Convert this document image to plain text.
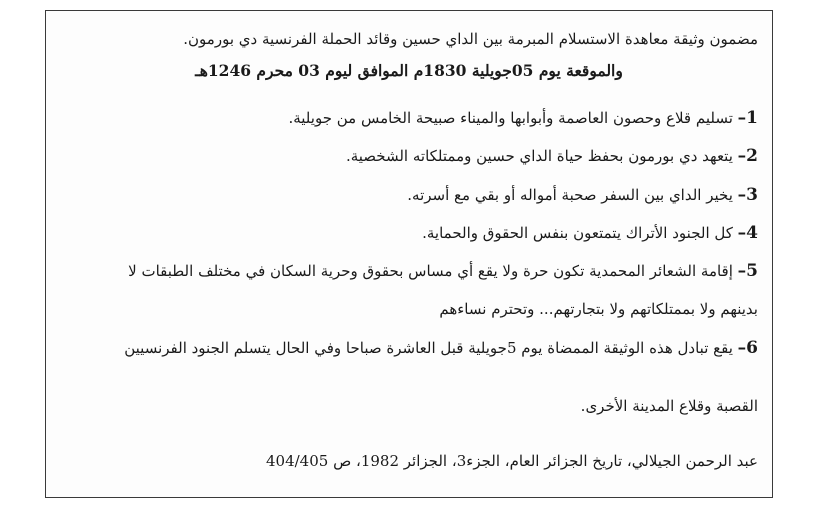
مضمون وثيقة معاهدة الاستسلام المبرمة بين الداي حسين وقائد الحملة الفرنسية دي بورمون.
والموقعة يوم 05جويلية 1830م الموافق ليوم 03 محرم 1246هـ
1– تسليم قلاع وحصون العاصمة وأبوابها والميناء صبيحة الخامس من جويلية.
2– يتعهد دي بورمون بحفظ حياة الداي حسين وممتلكاته الشخصية.
3– يخير الداي بين السفر صحبة أمواله أو بقي مع أسرته.
4– كل الجنود الأتراك يتمتعون بنفس الحقوق والحماية.
5– إقامة الشعائر المحمدية تكون حرة ولا يقع أي مساس بحقوق وحرية السكان في مختلف الطبقات لا
بدينهم ولا بممتلكاتهم ولا بتجارتهم... وتحترم نساءهم
6– يقع تبادل هذه الوثيقة الممضاة يوم 5جويلية قبل العاشرة صباحا وفي الحال يتسلم الجنود الفرنسيين
القصبة وقلاع المدينة الأخرى.
عبد الرحمن الجيلالي، تاريخ الجزائر العام، الجزء3، الجزائر 1982، ص 404/405
